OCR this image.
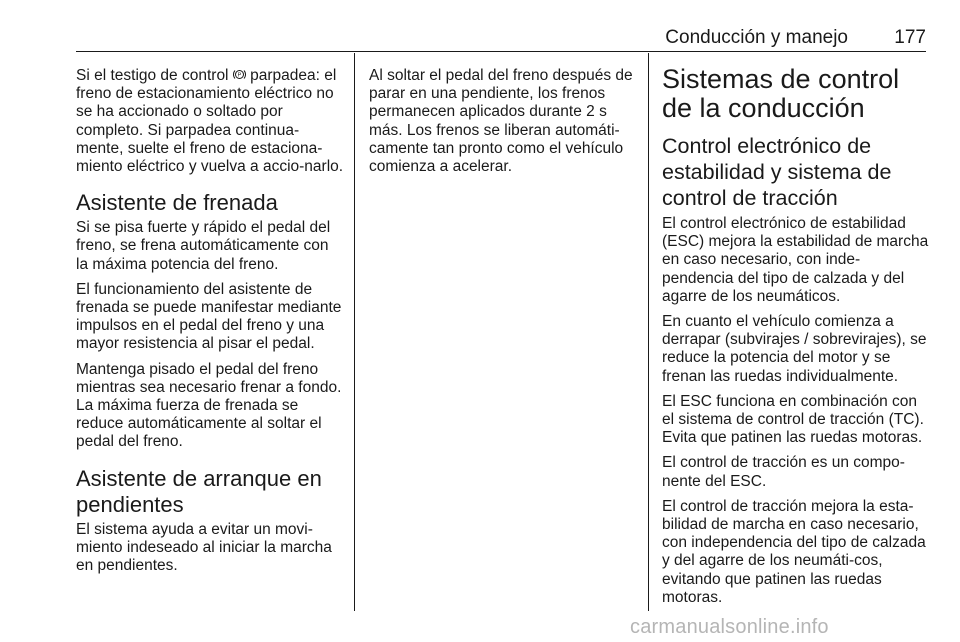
Conducción y manejo 177

Si el testigo de control P parpadea: el freno de estacionamiento eléctrico no se ha accionado o soltado por completo. Si parpadea continua-mente, suelte el freno de estaciona-miento eléctrico y vuelva a accio-narlo.

Asistente de frenada

Si se pisa fuerte y rápido el pedal del freno, se frena automáticamente con la máxima potencia del freno.

El funcionamiento del asistente de frenada se puede manifestar mediante impulsos en el pedal del freno y una mayor resistencia al pisar el pedal.

Mantenga pisado el pedal del freno mientras sea necesario frenar a fondo. La máxima fuerza de frenada se reduce automáticamente al soltar el pedal del freno.

Asistente de arranque en pendientes

El sistema ayuda a evitar un movi-miento indeseado al iniciar la marcha en pendientes.

Al soltar el pedal del freno después de parar en una pendiente, los frenos permanecen aplicados durante 2 s más. Los frenos se liberan automáti-camente tan pronto como el vehículo comienza a acelerar.

Sistemas de control de la conducción
Control electrónico de estabilidad y sistema de control de tracción

El control electrónico de estabilidad (ESC) mejora la estabilidad de marcha en caso necesario, con inde-pendencia del tipo de calzada y del agarre de los neumáticos.

En cuanto el vehículo comienza a derrapar (subvirajes / sobrevirajes), se reduce la potencia del motor y se frenan las ruedas individualmente.

El ESC funciona en combinación con el sistema de control de tracción (TC). Evita que patinen las ruedas motoras.

El control de tracción es un compo-nente del ESC.

El control de tracción mejora la esta-bilidad de marcha en caso necesario, con independencia del tipo de calzada y del agarre de los neumáti-cos, evitando que patinen las ruedas motoras.

carmanualsonline.info
